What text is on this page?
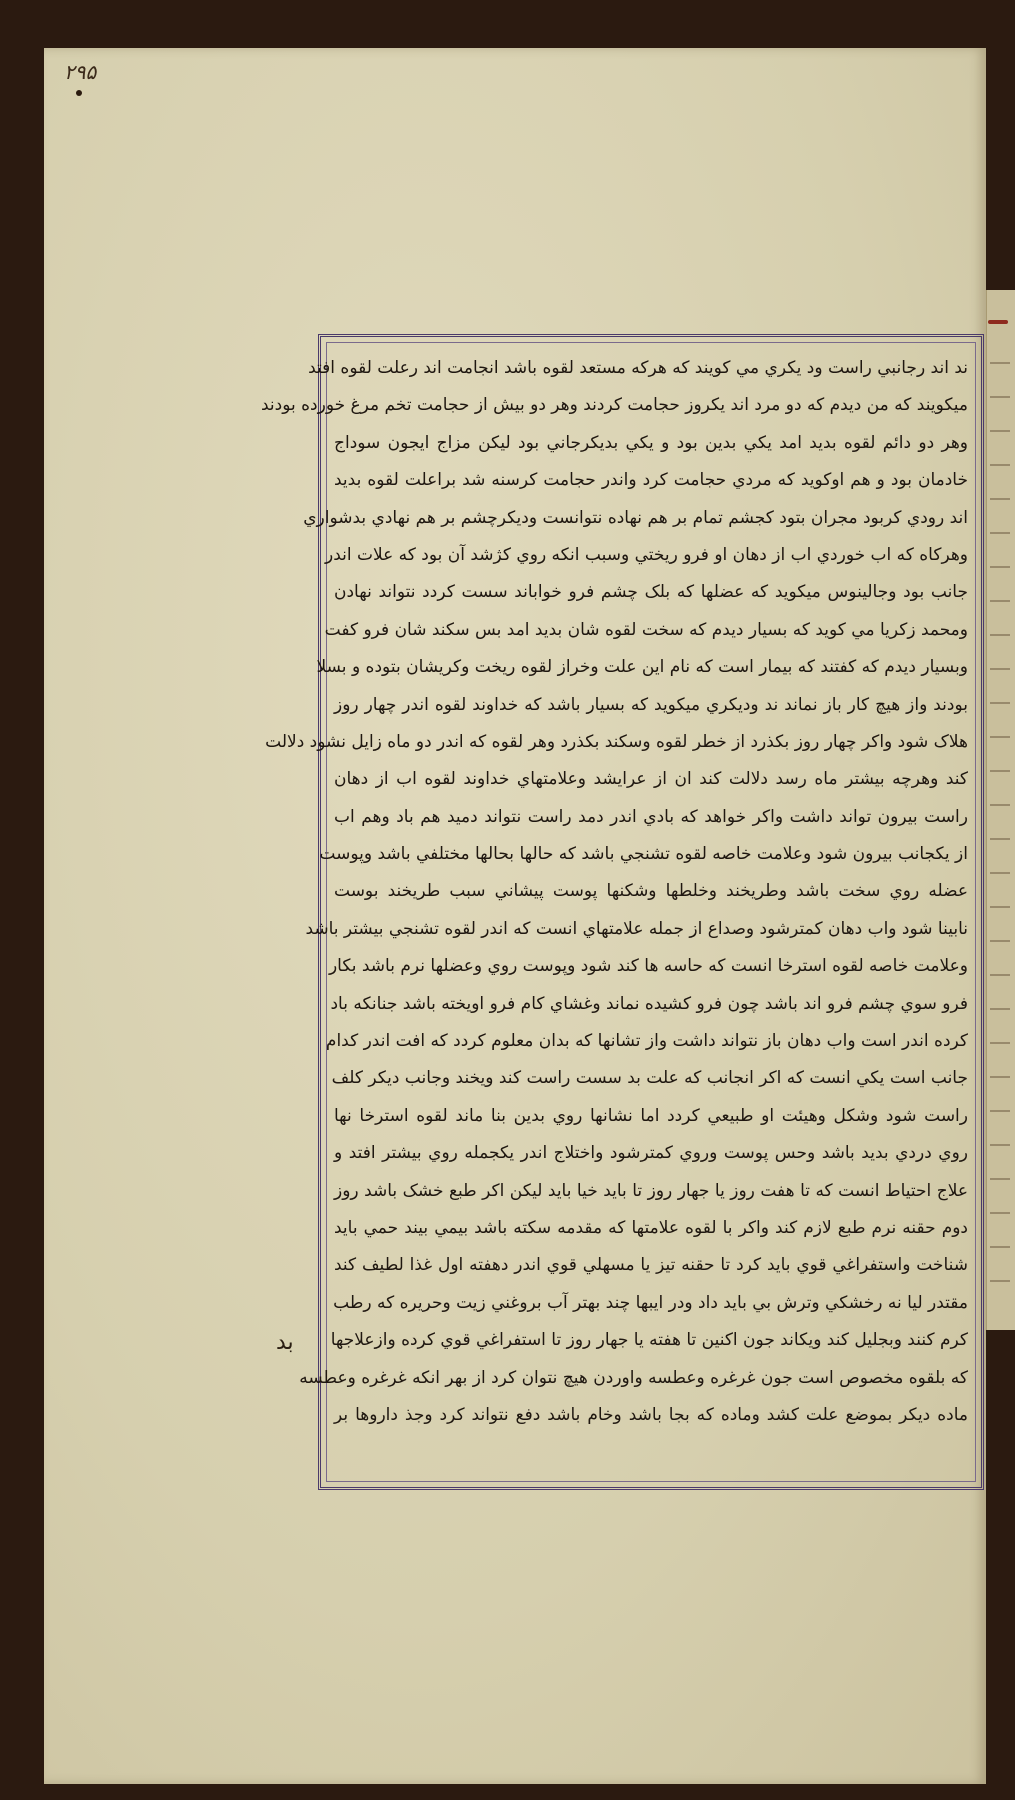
۲۹۵
ند اند رجانبي راست ود يکري مي کويند که هرکه مستعد لقوه باشد انجامت اند رعلت لقوه افتد
ميکويند که من ديدم که دو مرد اند يکروز حجامت کردند وهر دو بيش از حجامت تخم مرغ خورده بودند
وهر دو دائم لقوه بديد امد يکي بدين بود و يکي بديکرجاني بود ليکن مزاج ايجون سوداج
خادمان بود و هم اوکويد که مردي حجامت کرد واندر حجامت کرسنه شد براعلت لقوه بديد
اند رودي کربود مجران بتود کجشم تمام بر هم نهاده نتوانست وديکرچشم بر هم نهادي بدشواري
وهرکاه که اب خوردي اب از دهان او فرو ريختي وسبب انکه روي کژشد آن بود که علات اندر
جانب بود وجالينوس ميکويد که عضلها که بلک چشم فرو خواباند سست کردد نتواند نهادن
ومحمد زکريا مي کويد که بسيار ديدم که سخت لقوه شان بديد امد بس سکند شان فرو کفت
وبسيار ديدم که کفتند که بيمار است که نام اين علت وخراز لقوه ريخت وکريشان بتوده و بسلا
بودند واز هيچ کار باز نماند ند وديکري ميکويد که بسيار باشد که خداوند لقوه اندر چهار روز
هلاک شود واکر چهار روز بکذرد از خطر لقوه وسکند بکذرد وهر لقوه که اندر دو ماه زايل نشود دلالت
کند وهرچه بيشتر ماه رسد دلالت کند ان از عرايشد وعلامتهاي خداوند لقوه اب از دهان
راست بيرون تواند داشت واکر خواهد که بادي اندر دمد راست نتواند دميد هم باد وهم اب
از يکجانب بيرون شود وعلامت خاصه لقوه تشنجي باشد که حالها بحالها مختلفي باشد وپوست
عضله روي سخت باشد وطريخند وخلطها وشکنها پوست پيشاني سبب طريخند بوست
نابينا شود واب دهان کمترشود وصداع از جمله علامتهاي انست که اندر لقوه تشنجي بيشتر باشد
وعلامت خاصه لقوه استرخا انست که حاسه ها کند شود وپوست روي وعضلها نرم باشد بکار
فرو سوي چشم فرو اند باشد چون فرو کشيده نماند وغشاي کام فرو اويخته باشد جنانکه باد
کرده اندر است واب دهان باز نتواند داشت واز تشانها که بدان معلوم کردد که افت اندر کدام
جانب است يکي انست که اکر انجانب که علت بد سست راست کند ويخند وجانب ديکر کلف
راست شود وشکل وهيئت او طبيعي کردد اما نشانها روي بدين بنا ماند لقوه استرخا نها
روي دردي بديد باشد وحس پوست وروي کمترشود واختلاج اندر يکجمله روي بيشتر افتد و
علاج احتياط انست که تا هفت روز يا جهار روز تا بايد خيا بايد ليکن اکر طبع خشک باشد روز
دوم حقنه نرم طبع لازم کند واکر با لقوه علامتها که مقدمه سکته باشد بيمي بيند حمي بايد
شناخت واستفراغي قوي بايد کرد تا حقنه تيز يا مسهلي قوي اندر دهفته اول غذا لطيف کند
مقتدر ليا نه رخشکي وترش بي بايد داد ودر ايبها چند بهتر آب بروغني زيت وحريره که رطب
کرم کنند وبجليل کند ويکاند جون اکنين تا هفته يا جهار روز تا استفراغي قوي کرده وازعلاجها
که بلقوه مخصوص است جون غرغره وعطسه واوردن هيچ نتوان کرد از بهر انکه غرغره وعطسه
ماده ديکر بموضع علت کشد وماده که بجا باشد وخام باشد دفع نتواند کرد وجذ داروها بر
بد
